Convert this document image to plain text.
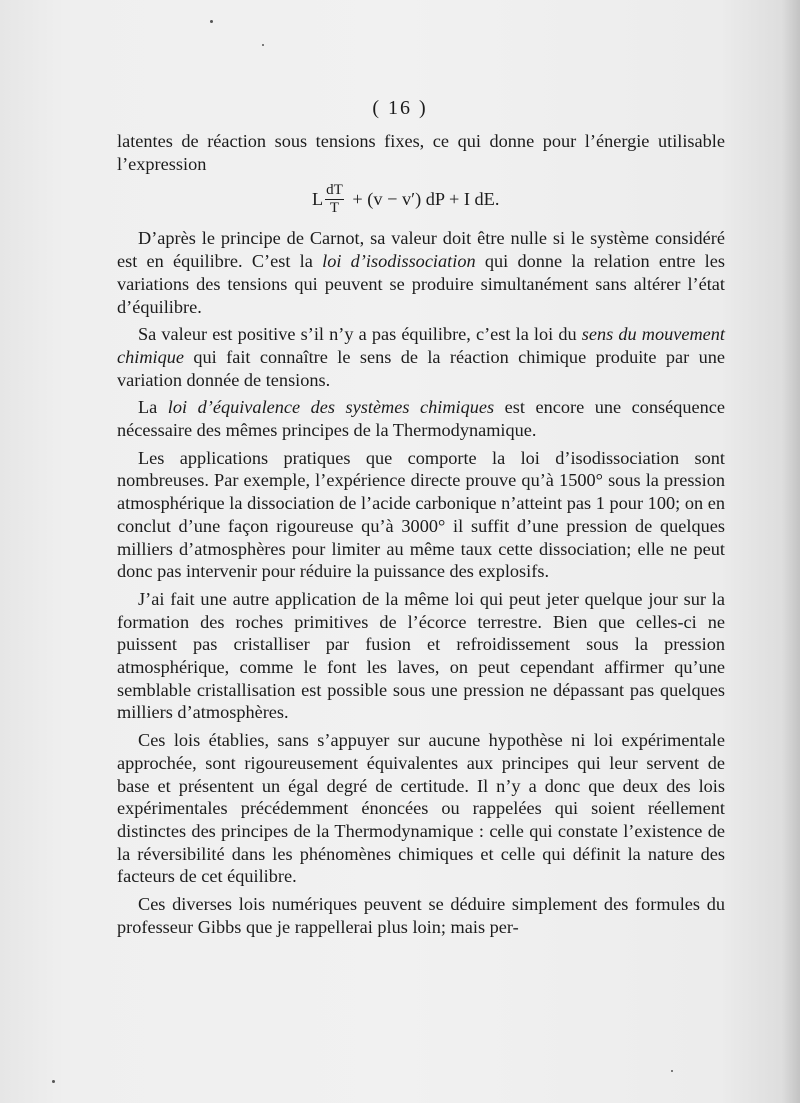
( 16 )

latentes de réaction sous tensions fixes, ce qui donne pour l’énergie utilisable l’expression

L $\frac{dT}{T} + (v - v')$ dP + I dE.

D’après le principe de Carnot, sa valeur doit être nulle si le système considéré est en équilibre. C’est la loi d’isodissociation qui donne la relation entre les variations des tensions qui peuvent se produire simultanément sans altérer l’état d’équilibre.

Sa valeur est positive s’il n’y a pas équilibre, c’est la loi du sens du mouvement chimique qui fait connaître le sens de la réaction chimique produite par une variation donnée de tensions.

La loi d’équivalence des systèmes chimiques est encore une conséquence nécessaire des mêmes principes de la Thermodynamique.

Les applications pratiques que comporte la loi d’isodissociation sont nombreuses. Par exemple, l’expérience directe prouve qu’à 1500° sous la pression atmosphérique la dissociation de l’acide carbonique n’atteint pas 1 pour 100; on en conclut d’une façon rigoureuse qu’à 3000° il suffit d’une pression de quelques milliers d’atmosphères pour limiter au même taux cette dissociation; elle ne peut donc pas intervenir pour réduire la puissance des explosifs.

J’ai fait une autre application de la même loi qui peut jeter quelque jour sur la formation des roches primitives de l’écorce terrestre. Bien que celles-ci ne puissent pas cristalliser par fusion et refroidissement sous la pression atmosphérique, comme le font les laves, on peut cependant affirmer qu’une semblable cristallisation est possible sous une pression ne dépassant pas quelques milliers d’atmosphères.

Ces lois établies, sans s’appuyer sur aucune hypothèse ni loi expérimentale approchée, sont rigoureusement équivalentes aux principes qui leur servent de base et présentent un égal degré de certitude. Il n’y a donc que deux des lois expérimentales précédemment énoncées ou rappelées qui soient réellement distinctes des principes de la Thermodynamique : celle qui constate l’existence de la réversibilité dans les phénomènes chimiques et celle qui définit la nature des facteurs de cet équilibre.

Ces diverses lois numériques peuvent se déduire simplement des formules du professeur Gibbs que je rappellerai plus loin; mais per-
